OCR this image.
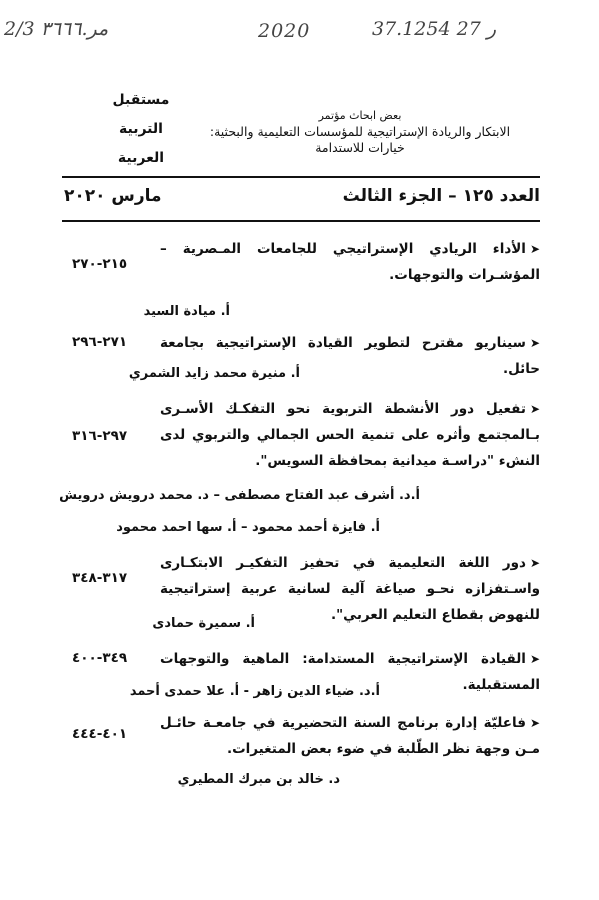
2/3 ﻣﺮ.٣٦٦٦	2020	37.1254 27 ﺭ
مستقبل
التربية
العربية
بعض ابحاث مؤتمر
الابتكار والريادة الإستراتيجية للمؤسسات التعليمية والبحثية:
خيارات للاستدامة
العدد ١٢٥ – الجزء الثالث
مارس ٢٠٢٠
➤الأداء الريادي الإستراتيجي للجامعات المـصرية – المؤشـرات والتوجهات.
٢١٥-٢٧٠
أ. ميادة السيد
➤سيناريو مقترح لتطوير القيادة الإستراتيجية بجامعة حائل.
٢٧١-٢٩٦
أ. منيرة محمد زايد الشمري
➤تفعيل دور الأنشطة التربوية نحو التفكـك الأسـرى بـالمجتمع وأثره على تنمية الحس الجمالي والتربوي لدى النشء "دراسـة ميدانية بمحافظة السويس".
٢٩٧-٣١٦
أ.د. أشرف عبد الفتاح مصطفى – د. محمد درويش درويش
أ. فايزة أحمد محمود – أ. سها احمد محمود
➤دور اللغة التعليمية في تحفيز التفكيـر الابتكـارى واسـتفزازه نحـو صياغة آلية لسانية عربية إستراتيجية للنهوض بقطاع التعليم العربي".
٣١٧-٣٤٨
أ. سميرة حمادى
➤القيادة الإستراتيجية المستدامة: الماهية والتوجهات المستقبلية.
٣٤٩-٤٠٠
أ.د. ضياء الدين زاهر - أ. علا حمدى أحمد
➤فاعليّة إدارة برنامج السنة التحضيرية في جامعـة حائـل مـن وجهة نظر الطّلبة في ضوء بعض المتغيرات.
٤٠١-٤٤٤
د. خالد بن مبرك المطيري
